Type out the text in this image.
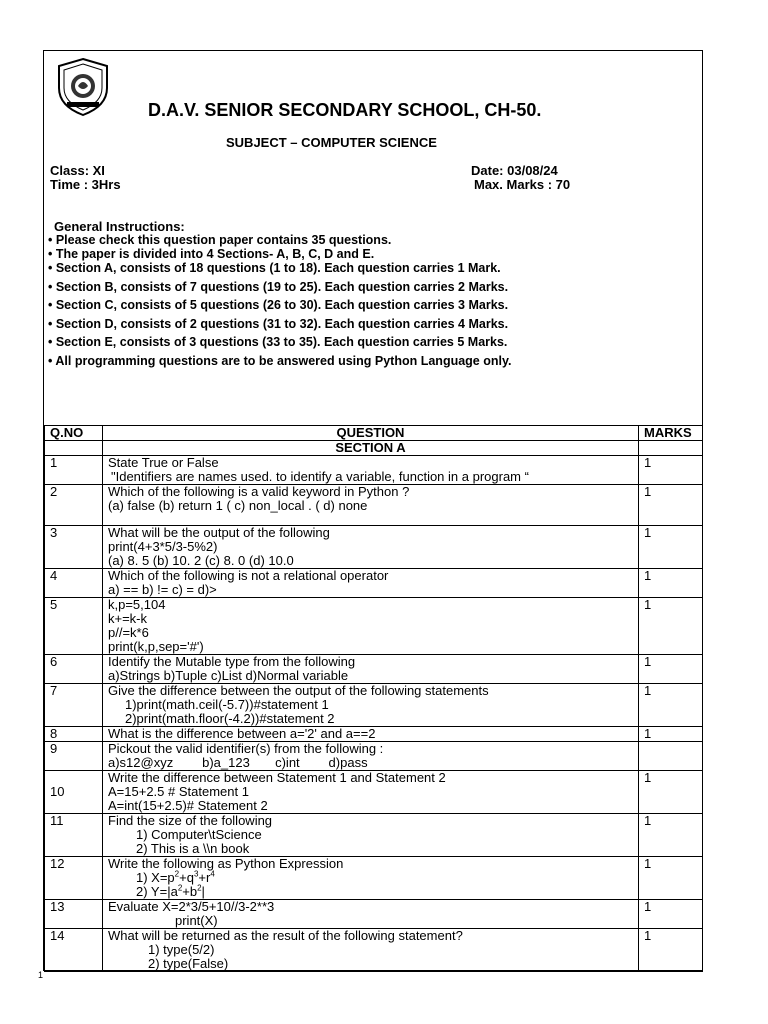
D.A.V. SENIOR SECONDARY SCHOOL, CH-50.
SUBJECT – COMPUTER SCIENCE
Class: XI
Time : 3Hrs
Date: 03/08/24
Max. Marks : 70
General Instructions:
• Please check this question paper contains 35 questions.
• The paper is divided into 4 Sections- A, B, C, D and E.
• Section A, consists of 18 questions (1 to 18). Each question carries 1 Mark.
• Section B, consists of 7 questions (19 to 25). Each question carries 2 Marks.
• Section C, consists of 5 questions (26 to 30). Each question carries 3 Marks.
• Section D, consists of 2 questions (31 to 32). Each question carries 4 Marks.
• Section E, consists of 3 questions (33 to 35). Each question carries 5 Marks.
• All programming questions are to be answered using Python Language only.
Q.NO	QUESTION	MARKS
	SECTION A	
1	State True or False
"Identifiers are names used. to identify a variable, function in a program “	1
2	Which of the following is a valid keyword in Python ?
(a) false (b) return 1 ( c) non_local . ( d) none	1
3	What will be the output of the following
print(4+3*5/3-5%2)
(a) 8. 5 (b) 10. 2 (c) 8. 0 (d) 10.0	1
4	Which of the following is not a relational operator
a) == b) != c) = d)>	1
5	k,p=5,104
k+=k-k
p//=k*6
print(k,p,sep='#')	1
6	Identify the Mutable type from the following
a)Strings b)Tuple c)List d)Normal variable	1
7	Give the difference between the output of the following statements
1)print(math.ceil(-5.7))#statement 1
2)print(math.floor(-4.2))#statement 2	1
8	What is the difference between a='2' and a==2	1
9	Pickout the valid identifier(s) from the following :
a)s12@xyz        b)a_123       c)int        d)pass	

10	Write the difference between Statement 1 and Statement 2
A=15+2.5 # Statement 1
A=int(15+2.5)# Statement 2	1
11	Find the size of the following
1) Computer\tScience
2) This is a \\n book	1
12	Write the following as Python Expression
1) $X=p^2+q^3+r^4$
2) $Y=|a^2+b^2|$	1
13	Evaluate X=2*3/5+10//3-2**3
print(X)	1
14	What will be returned as the result of the following statement?
1) type(5/2)
2) type(False)	1
1
